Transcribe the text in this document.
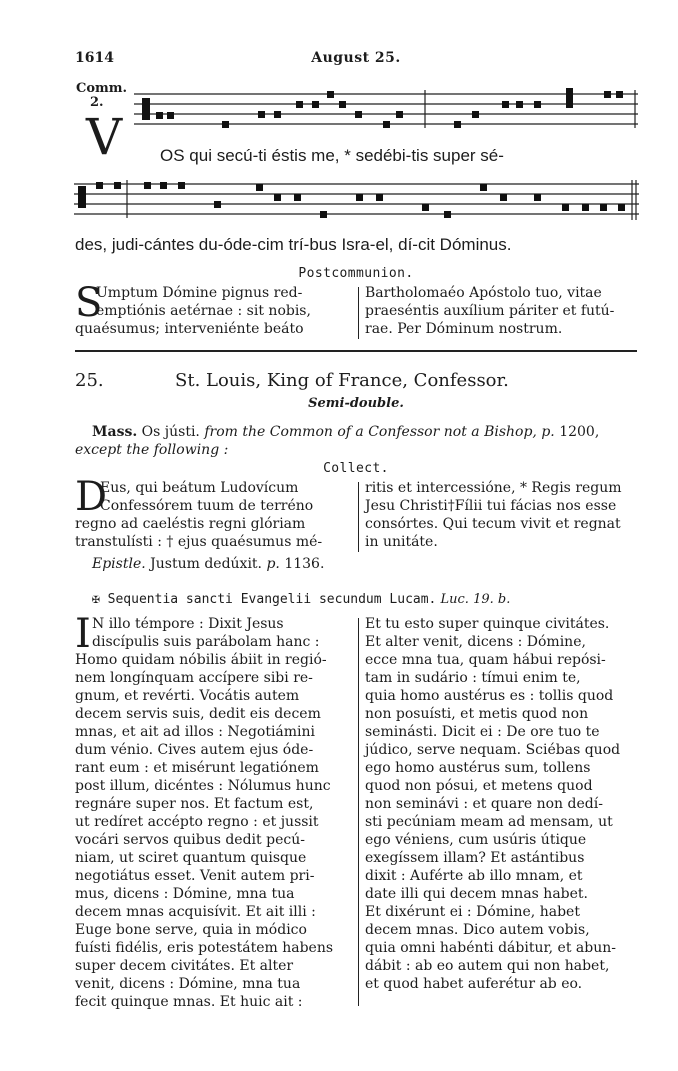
1614	August 25.
Comm.
2.
V OS qui secú-ti éstis me, * sedébi-tis super sé-
des, judi-cántes du-óde-cim trí-bus Isra-el, dí-cit Dóminus.
Postcommunion.
S
Umptum Dómine pignus red-
emptiónis aetérnae : sit nobis,
quaésumus; interveniénte beáto
Bartholomaéo Apóstolo tuo, vitae
praeséntis auxílium páriter et futú-
rae. Per Dóminum nostrum.
25.	St. Louis, King of France, Confessor.
Semi-double.
Mass. Os jústi. from the Common of a Confessor not a Bishop, p. 1200,
except the following :
Collect.
D
Eus, qui beátum Ludovícum
Confessórem tuum de terréno
regno ad caeléstis regni glóriam
transtulísti : † ejus quaésumus mé-
ritis et intercessióne, * Regis regum
Jesu Christi†Fílii tui fácias nos esse
consórtes. Qui tecum vivit et regnat
in unitáte.
Epistle. Justum dedúxit. p. 1136.
✠ Sequentia sancti Evangelii secundum Lucam. Luc. 19. b.
I N illo témpore : Dixit Jesus
discípulis suis parábolam hanc :
Homo quidam nóbilis ábiit in regió-
nem longínquam accípere sibi re-
gnum, et revérti. Vocátis autem
decem servis suis, dedit eis decem
mnas, et ait ad illos : Negotiámini
dum vénio. Cives autem ejus óde-
rant eum : et misérunt legatiónem
post illum, dicéntes : Nólumus hunc
regnáre super nos. Et factum est,
ut redíret accépto regno : et jussit
vocári servos quibus dedit pecú-
niam, ut sciret quantum quisque
negotiátus esset. Venit autem pri-
mus, dicens : Dómine, mna tua
decem mnas acquisívit. Et ait illi :
Euge bone serve, quia in módico
fuísti fidélis, eris potestátem habens
super decem civitátes. Et alter
venit, dicens : Dómine, mna tua
fecit quinque mnas. Et huic ait :
Et tu esto super quinque civitátes.
Et alter venit, dicens : Dómine,
ecce mna tua, quam hábui repósi-
tam in sudário : tímui enim te,
quia homo austérus es : tollis quod
non posuísti, et metis quod non
seminásti. Dicit ei : De ore tuo te
júdico, serve nequam. Sciébas quod
ego homo austérus sum, tollens
quod non pósui, et metens quod
non seminávi : et quare non dedí-
sti pecúniam meam ad mensam, ut
ego véniens, cum usúris útique
exegíssem illam? Et astántibus
dixit : Auférte ab illo mnam, et
date illi qui decem mnas habet.
Et dixérunt ei : Dómine, habet
decem mnas. Dico autem vobis,
quia omni habénti dábitur, et abun-
dábit : ab eo autem qui non habet,
et quod habet auferétur ab eo.
